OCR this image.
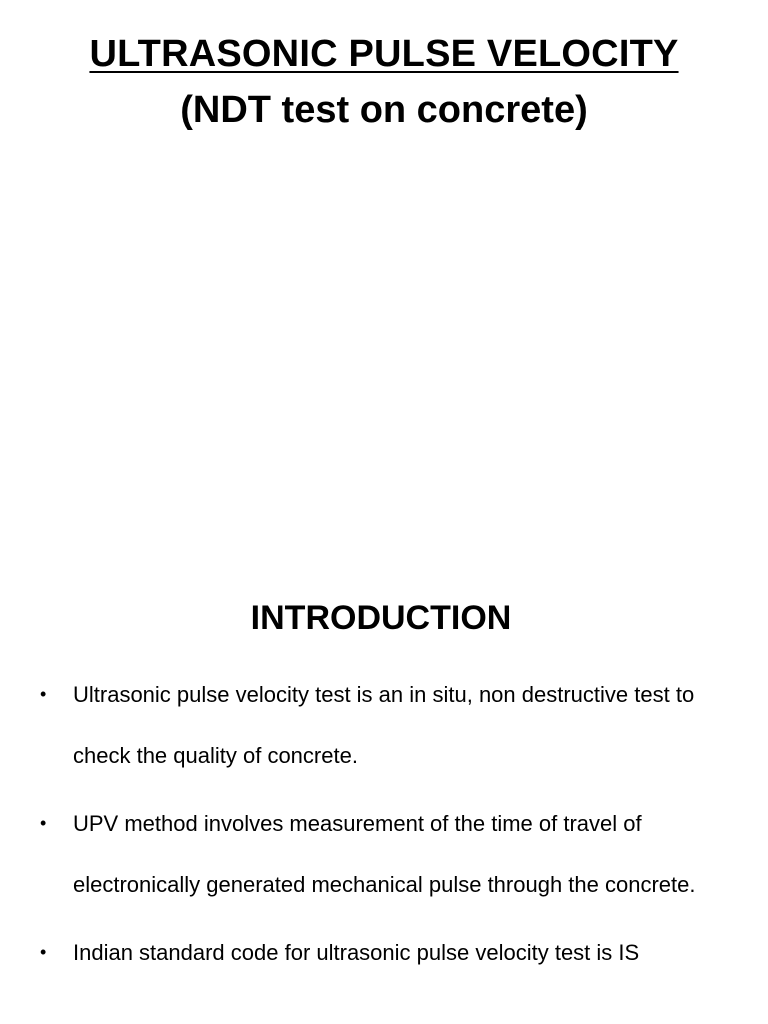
ULTRASONIC PULSE VELOCITY
(NDT test on concrete)
INTRODUCTION
• Ultrasonic pulse velocity test is an in situ, non destructive test to check the quality of concrete.
• UPV method involves measurement of the time of travel of electronically generated mechanical pulse through the concrete.
• Indian standard code for ultrasonic pulse velocity test is IS
